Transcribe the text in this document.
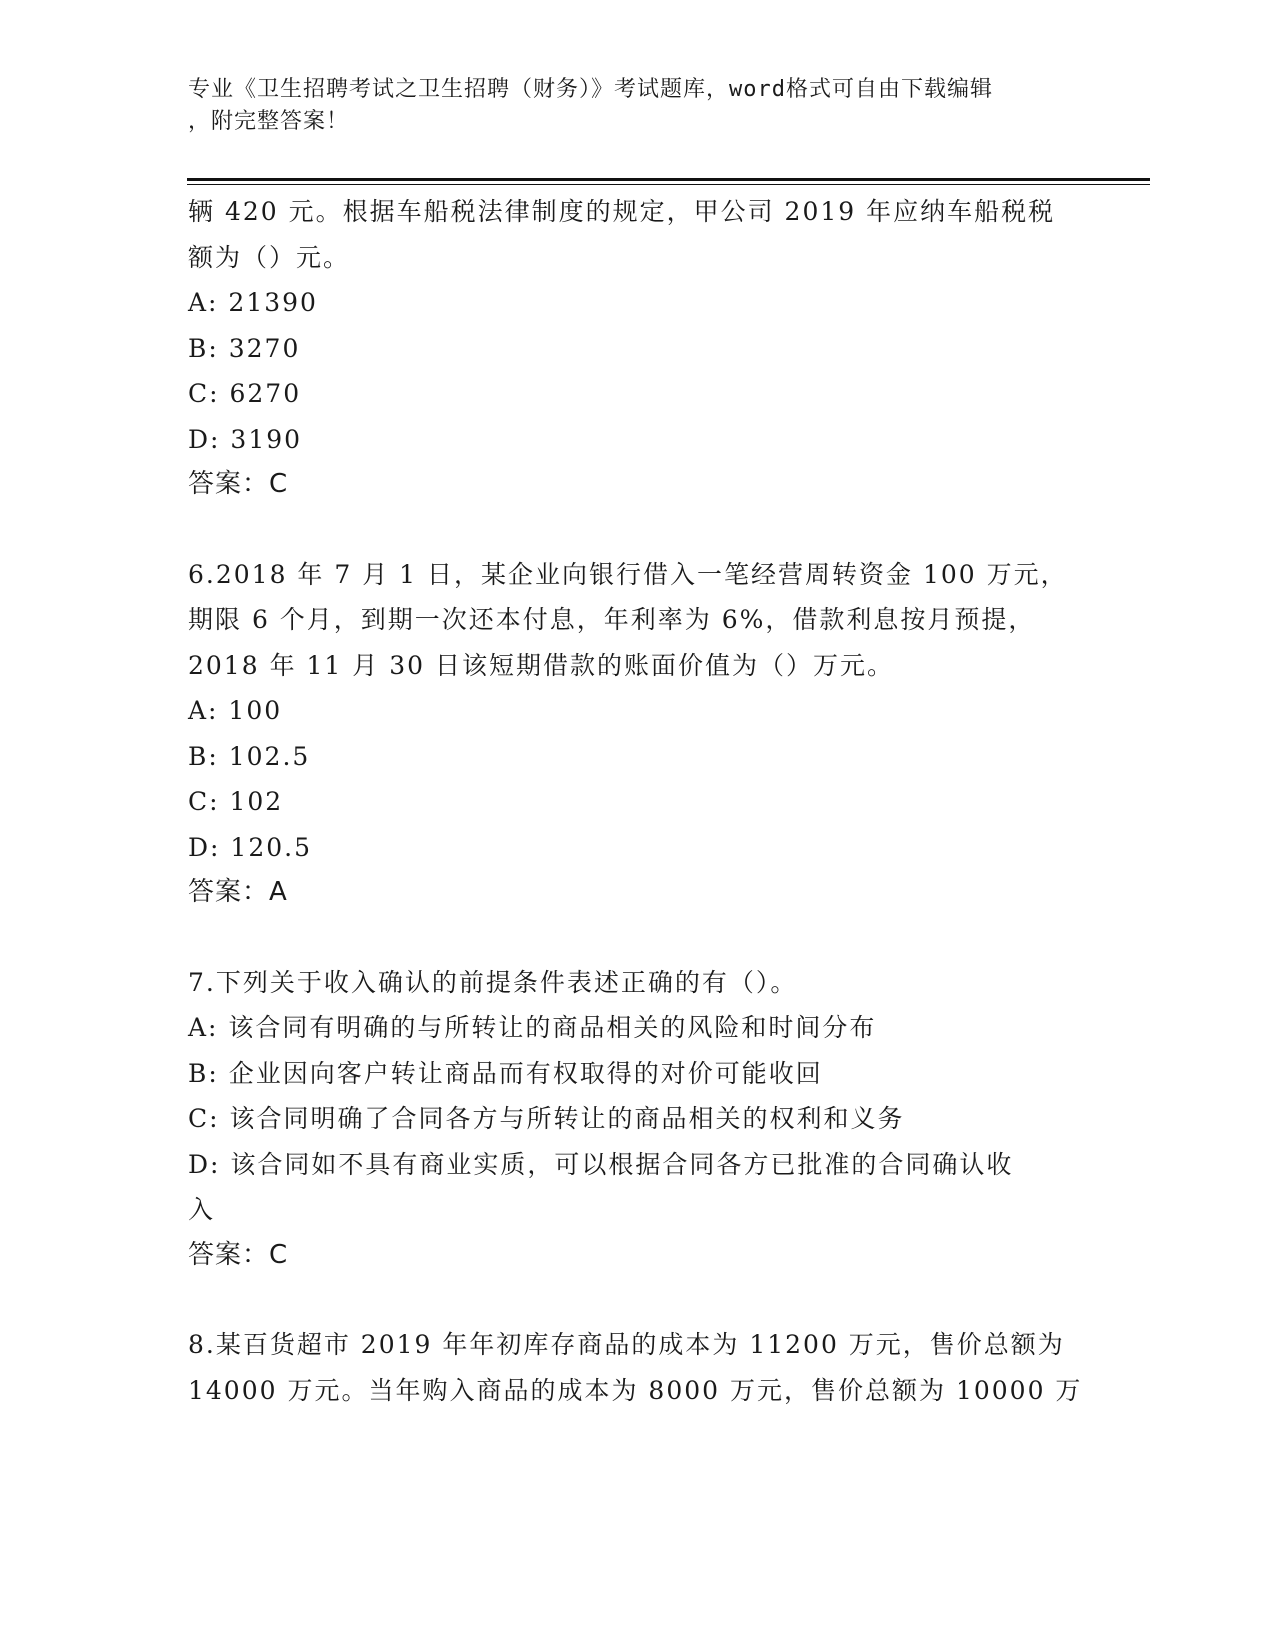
专业《卫生招聘考试之卫生招聘（财务）》考试题库，word格式可自由下载编辑
，附完整答案！
辆 420 元。根据车船税法律制度的规定，甲公司 2019 年应纳车船税税
额为（）元。
A: 21390
B: 3270
C: 6270
D: 3190
答案：C
6.2018 年 7 月 1 日，某企业向银行借入一笔经营周转资金 100 万元，
期限 6 个月，到期一次还本付息，年利率为 6%，借款利息按月预提，
2018 年 11 月 30 日该短期借款的账面价值为（）万元。
A: 100
B: 102.5
C: 102
D: 120.5
答案：A
7.下列关于收入确认的前提条件表述正确的有（）。
A: 该合同有明确的与所转让的商品相关的风险和时间分布
B: 企业因向客户转让商品而有权取得的对价可能收回
C: 该合同明确了合同各方与所转让的商品相关的权利和义务
D: 该合同如不具有商业实质，可以根据合同各方已批准的合同确认收
入
答案：C
8.某百货超市 2019 年年初库存商品的成本为 11200 万元，售价总额为
14000 万元。当年购入商品的成本为 8000 万元，售价总额为 10000 万
